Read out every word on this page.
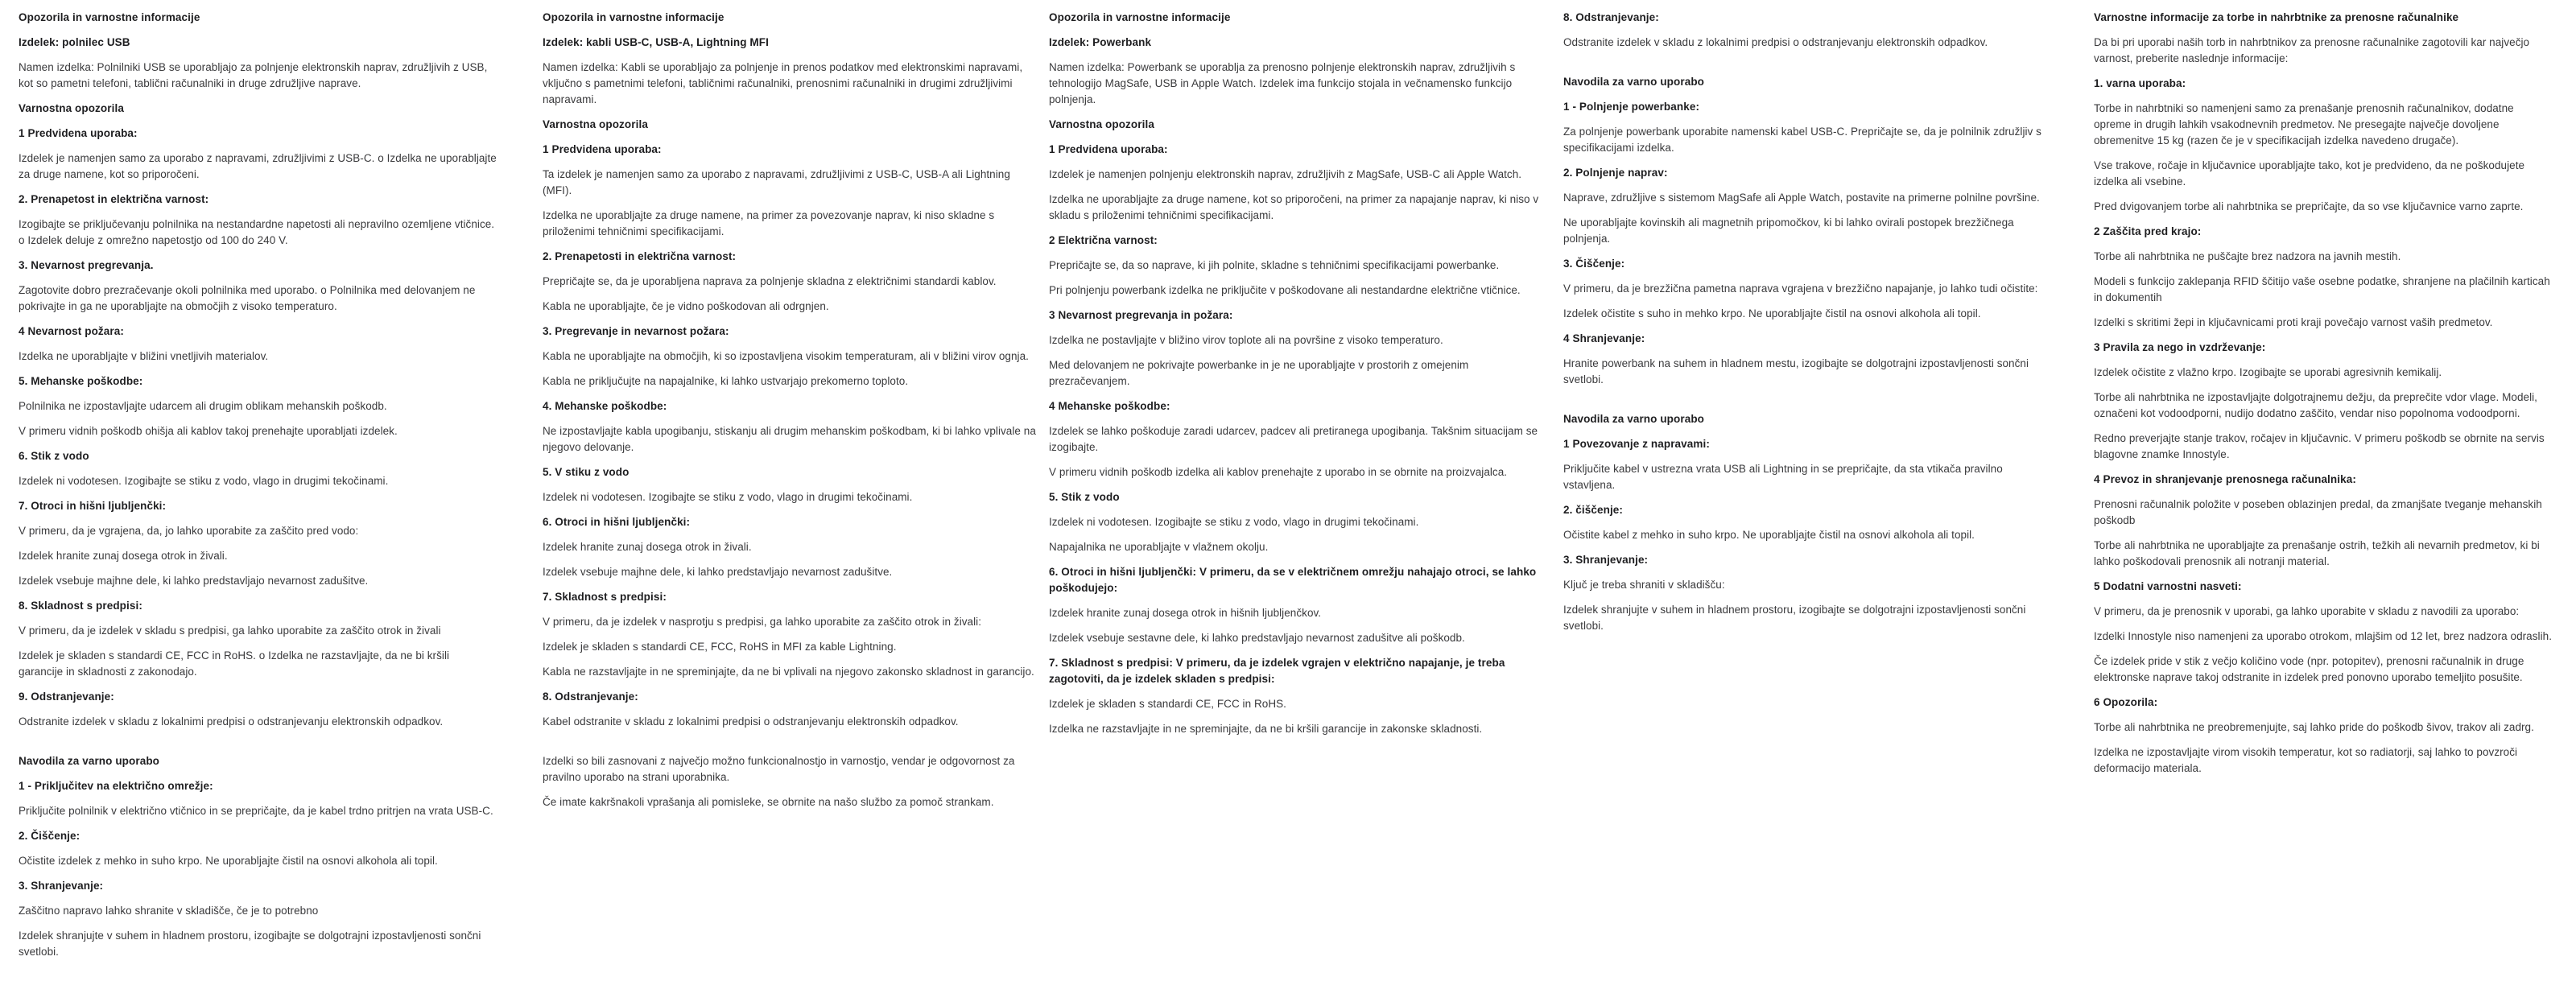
Opozorila in varnostne informacije
Izdelek: polnilec USB

Namen izdelka: Polnilniki USB se uporabljajo za polnjenje elektronskih naprav, združljivih z USB, kot so pametni telefoni, tablični računalniki in druge združljive naprave.

Varnostna opozorila
1 Predvidena uporaba:

Izdelek je namenjen samo za uporabo z napravami, združljivimi z USB-C. o Izdelka ne uporabljajte za druge namene, kot so priporočeni.

2. Prenapetost in električna varnost:

Izogibajte se priključevanju polnilnika na nestandardne napetosti ali nepravilno ozemljene vtičnice. o Izdelek deluje z omrežno napetostjo od 100 do 240 V.

3. Nevarnost pregrevanja.

Zagotovite dobro prezračevanje okoli polnilnika med uporabo. o Polnilnika med delovanjem ne pokrivajte in ga ne uporabljajte na območjih z visoko temperaturo.

4 Nevarnost požara:

Izdelka ne uporabljajte v bližini vnetljivih materialov.

5. Mehanske poškodbe:

Polnilnika ne izpostavljajte udarcem ali drugim oblikam mehanskih poškodb.

V primeru vidnih poškodb ohišja ali kablov takoj prenehajte uporabljati izdelek.

6. Stik z vodo

Izdelek ni vodotesen. Izogibajte se stiku z vodo, vlago in drugimi tekočinami.

7. Otroci in hišni ljubljenčki:

V primeru, da je vgrajena, da, jo lahko uporabite za zaščito pred vodo:

Izdelek hranite zunaj dosega otrok in živali.

Izdelek vsebuje majhne dele, ki lahko predstavljajo nevarnost zadušitve.

8. Skladnost s predpisi:

V primeru, da je izdelek v skladu s predpisi, ga lahko uporabite za zaščito otrok in živali

Izdelek je skladen s standardi CE, FCC in RoHS. o Izdelka ne razstavljajte, da ne bi kršili garancije in skladnosti z zakonodajo.

9. Odstranjevanje:

Odstranite izdelek v skladu z lokalnimi predpisi o odstranjevanju elektronskih odpadkov.

Navodila za varno uporabo
1 - Priključitev na električno omrežje:

Priključite polnilnik v električno vtičnico in se prepričajte, da je kabel trdno pritrjen na vrata USB-C.

2. Čiščenje:

Očistite izdelek z mehko in suho krpo. Ne uporabljajte čistil na osnovi alkohola ali topil.

3. Shranjevanje:

Zaščitno napravo lahko shranite v skladišče, če je to potrebno

Izdelek shranjujte v suhem in hladnem prostoru, izogibajte se dolgotrajni izpostavljenosti sončni svetlobi.

Opozorila in varnostne informacije
Izdelek: kabli USB-C, USB-A, Lightning MFI

Namen izdelka: Kabli se uporabljajo za polnjenje in prenos podatkov med elektronskimi napravami, vključno s pametnimi telefoni, tabličnimi računalniki, prenosnimi računalniki in drugimi združljivimi napravami.

Varnostna opozorila
1 Predvidena uporaba:

Ta izdelek je namenjen samo za uporabo z napravami, združljivimi z USB-C, USB-A ali Lightning (MFI).

Izdelka ne uporabljajte za druge namene, na primer za povezovanje naprav, ki niso skladne s priloženimi tehničnimi specifikacijami.

2. Prenapetosti in električna varnost:

Prepričajte se, da je uporabljena naprava za polnjenje skladna z električnimi standardi kablov.

Kabla ne uporabljajte, če je vidno poškodovan ali odrgnjen.

3. Pregrevanje in nevarnost požara:

Kabla ne uporabljajte na območjih, ki so izpostavljena visokim temperaturam, ali v bližini virov ognja.

Kabla ne priključujte na napajalnike, ki lahko ustvarjajo prekomerno toploto.

4. Mehanske poškodbe:

Ne izpostavljajte kabla upogibanju, stiskanju ali drugim mehanskim poškodbam, ki bi lahko vplivale na njegovo delovanje.

5. V stiku z vodo

Izdelek ni vodotesen. Izogibajte se stiku z vodo, vlago in drugimi tekočinami.

6. Otroci in hišni ljubljenčki:

Izdelek hranite zunaj dosega otrok in živali.

Izdelek vsebuje majhne dele, ki lahko predstavljajo nevarnost zadušitve.

7. Skladnost s predpisi:

V primeru, da je izdelek v nasprotju s predpisi, ga lahko uporabite za zaščito otrok in živali:

Izdelek je skladen s standardi CE, FCC, RoHS in MFI za kable Lightning.

Kabla ne razstavljajte in ne spreminjajte, da ne bi vplivali na njegovo zakonsko skladnost in garancijo.

8. Odstranjevanje:

Kabel odstranite v skladu z lokalnimi predpisi o odstranjevanju elektronskih odpadkov.

Izdelki so bili zasnovani z največjo možno funkcionalnostjo in varnostjo, vendar je odgovornost za pravilno uporabo na strani uporabnika.

Če imate kakršnakoli vprašanja ali pomisleke, se obrnite na našo službo za pomoč strankam.

Opozorila in varnostne informacije
Izdelek: Powerbank

Namen izdelka: Powerbank se uporablja za prenosno polnjenje elektronskih naprav, združljivih s tehnologijo MagSafe, USB in Apple Watch. Izdelek ima funkcijo stojala in večnamensko funkcijo polnjenja.

Varnostna opozorila
1 Predvidena uporaba:

Izdelek je namenjen polnjenju elektronskih naprav, združljivih z MagSafe, USB-C ali Apple Watch.

Izdelka ne uporabljajte za druge namene, kot so priporočeni, na primer za napajanje naprav, ki niso v skladu s priloženimi tehničnimi specifikacijami.

2 Električna varnost:

Prepričajte se, da so naprave, ki jih polnite, skladne s tehničnimi specifikacijami powerbanke.

Pri polnjenju powerbank izdelka ne priključite v poškodovane ali nestandardne električne vtičnice.

3 Nevarnost pregrevanja in požara:

Izdelka ne postavljajte v bližino virov toplote ali na površine z visoko temperaturo.

Med delovanjem ne pokrivajte powerbanke in je ne uporabljajte v prostorih z omejenim prezračevanjem.

4 Mehanske poškodbe:

Izdelek se lahko poškoduje zaradi udarcev, padcev ali pretiranega upogibanja. Takšnim situacijam se izogibajte.

V primeru vidnih poškodb izdelka ali kablov prenehajte z uporabo in se obrnite na proizvajalca.

5. Stik z vodo

Izdelek ni vodotesen. Izogibajte se stiku z vodo, vlago in drugimi tekočinami.

Napajalnika ne uporabljajte v vlažnem okolju.

6. Otroci in hišni ljubljenčki: V primeru, da se v električnem omrežju nahajajo otroci, se lahko poškodujejo:

Izdelek hranite zunaj dosega otrok in hišnih ljubljenčkov.

Izdelek vsebuje sestavne dele, ki lahko predstavljajo nevarnost zadušitve ali poškodb.

7. Skladnost s predpisi: V primeru, da je izdelek vgrajen v električno napajanje, je treba zagotoviti, da je izdelek skladen s predpisi:

Izdelek je skladen s standardi CE, FCC in RoHS.

Izdelka ne razstavljajte in ne spreminjajte, da ne bi kršili garancije in zakonske skladnosti.

8. Odstranjevanje:

Odstranite izdelek v skladu z lokalnimi predpisi o odstranjevanju elektronskih odpadkov.

Navodila za varno uporabo
1 - Polnjenje powerbanke:

Za polnjenje powerbank uporabite namenski kabel USB-C. Prepričajte se, da je polnilnik združljiv s specifikacijami izdelka.

2. Polnjenje naprav:

Naprave, združljive s sistemom MagSafe ali Apple Watch, postavite na primerne polnilne površine.

Ne uporabljajte kovinskih ali magnetnih pripomočkov, ki bi lahko ovirali postopek brezžičnega polnjenja.

3. Čiščenje:

V primeru, da je brezžična pametna naprava vgrajena v brezžično napajanje, jo lahko tudi očistite:

Izdelek očistite s suho in mehko krpo. Ne uporabljajte čistil na osnovi alkohola ali topil.

4 Shranjevanje:

Hranite powerbank na suhem in hladnem mestu, izogibajte se dolgotrajni izpostavljenosti sončni svetlobi.

Navodila za varno uporabo
1 Povezovanje z napravami:

Priključite kabel v ustrezna vrata USB ali Lightning in se prepričajte, da sta vtikača pravilno vstavljena.

2. čiščenje:

Očistite kabel z mehko in suho krpo. Ne uporabljajte čistil na osnovi alkohola ali topil.

3. Shranjevanje:

Ključ je treba shraniti v skladišču:

Izdelek shranjujte v suhem in hladnem prostoru, izogibajte se dolgotrajni izpostavljenosti sončni svetlobi.

Varnostne informacije za torbe in nahrbtnike za prenosne računalnike

Da bi pri uporabi naših torb in nahrbtnikov za prenosne računalnike zagotovili kar največjo varnost, preberite naslednje informacije:

1. varna uporaba:

Torbe in nahrbtniki so namenjeni samo za prenašanje prenosnih računalnikov, dodatne opreme in drugih lahkih vsakodnevnih predmetov. Ne presegajte največje dovoljene obremenitve 15 kg (razen če je v specifikacijah izdelka navedeno drugače).

Vse trakove, ročaje in ključavnice uporabljajte tako, kot je predvideno, da ne poškodujete izdelka ali vsebine.

Pred dvigovanjem torbe ali nahrbtnika se prepričajte, da so vse ključavnice varno zaprte.

2 Zaščita pred krajo:

Torbe ali nahrbtnika ne puščajte brez nadzora na javnih mestih.

Modeli s funkcijo zaklepanja RFID ščitijo vaše osebne podatke, shranjene na plačilnih karticah in dokumentih

Izdelki s skritimi žepi in ključavnicami proti kraji povečajo varnost vaših predmetov.

3 Pravila za nego in vzdrževanje:

Izdelek očistite z vlažno krpo. Izogibajte se uporabi agresivnih kemikalij.

Torbe ali nahrbtnika ne izpostavljajte dolgotrajnemu dežju, da preprečite vdor vlage. Modeli, označeni kot vodoodporni, nudijo dodatno zaščito, vendar niso popolnoma vodoodporni.

Redno preverjajte stanje trakov, ročajev in ključavnic. V primeru poškodb se obrnite na servis blagovne znamke Innostyle.

4 Prevoz in shranjevanje prenosnega računalnika:

Prenosni računalnik položite v poseben oblazinjen predal, da zmanjšate tveganje mehanskih poškodb

Torbe ali nahrbtnika ne uporabljajte za prenašanje ostrih, težkih ali nevarnih predmetov, ki bi lahko poškodovali prenosnik ali notranji material.

5 Dodatni varnostni nasveti:

V primeru, da je prenosnik v uporabi, ga lahko uporabite v skladu z navodili za uporabo:

Izdelki Innostyle niso namenjeni za uporabo otrokom, mlajšim od 12 let, brez nadzora odraslih.

Če izdelek pride v stik z večjo količino vode (npr. potopitev), prenosni računalnik in druge elektronske naprave takoj odstranite in izdelek pred ponovno uporabo temeljito posušite.

6 Opozorila:

Torbe ali nahrbtnika ne preobremenjujte, saj lahko pride do poškodb šivov, trakov ali zadrg.

Izdelka ne izpostavljajte virom visokih temperatur, kot so radiatorji, saj lahko to povzroči deformacijo materiala.
